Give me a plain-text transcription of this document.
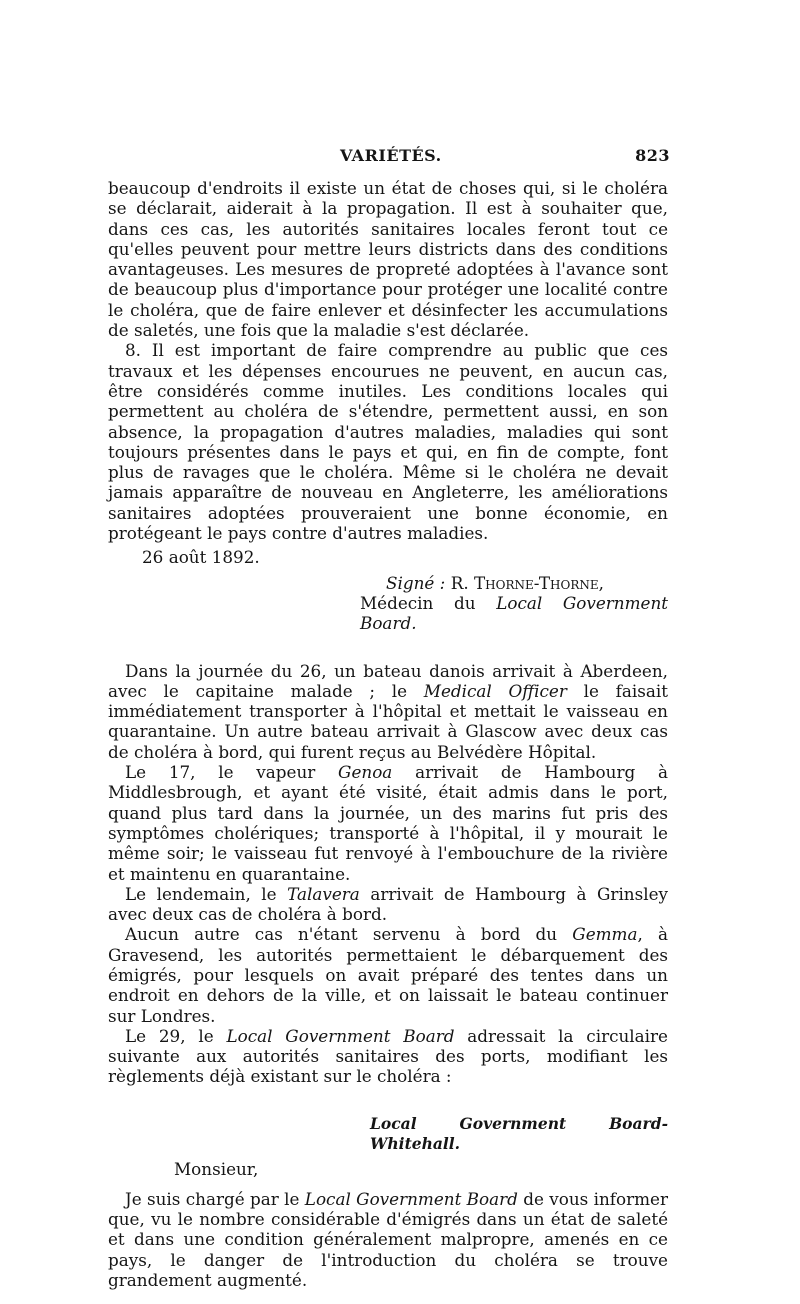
VARIÉTÉS.	823

beaucoup d'endroits il existe un état de choses qui, si le choléra se déclarait, aiderait à la propagation. Il est à souhaiter que, dans ces cas, les autorités sanitaires locales feront tout ce qu'elles peuvent pour mettre leurs districts dans des conditions avantageuses. Les mesures de propreté adoptées à l'avance sont de beaucoup plus d'importance pour protéger une localité contre le choléra, que de faire enlever et désinfecter les accumulations de saletés, une fois que la maladie s'est déclarée.

8. Il est important de faire comprendre au public que ces travaux et les dépenses encourues ne peuvent, en aucun cas, être considérés comme inutiles. Les conditions locales qui permettent au choléra de s'étendre, permettent aussi, en son absence, la propagation d'autres maladies, maladies qui sont toujours présentes dans le pays et qui, en fin de compte, font plus de ravages que le choléra. Même si le choléra ne devait jamais apparaître de nouveau en Angleterre, les améliorations sanitaires adoptées prouveraient une bonne économie, en protégeant le pays contre d'autres maladies.

26 août 1892.

Signé : R. Thorne-Thorne,

Médecin du Local Government Board.

Dans la journée du 26, un bateau danois arrivait à Aberdeen, avec le capitaine malade ; le Medical Officer le faisait immédiatement transporter à l'hôpital et mettait le vaisseau en quarantaine. Un autre bateau arrivait à Glascow avec deux cas de choléra à bord, qui furent reçus au Belvédère Hôpital.

Le 17, le vapeur Genoa arrivait de Hambourg à Middlesbrough, et ayant été visité, était admis dans le port, quand plus tard dans la journée, un des marins fut pris des symptômes cholériques; transporté à l'hôpital, il y mourait le même soir; le vaisseau fut renvoyé à l'embouchure de la rivière et maintenu en quarantaine.

Le lendemain, le Talavera arrivait de Hambourg à Grinsley avec deux cas de choléra à bord.

Aucun autre cas n'étant servenu à bord du Gemma, à Gravesend, les autorités permettaient le débarquement des émigrés, pour lesquels on avait préparé des tentes dans un endroit en dehors de la ville, et on laissait le bateau continuer sur Londres.

Le 29, le Local Government Board adressait la circulaire suivante aux autorités sanitaires des ports, modifiant les règlements déjà existant sur le choléra :

Local Government Board-Whitehall.

Monsieur,

Je suis chargé par le Local Government Board de vous informer que, vu le nombre considérable d'émigrés dans un état de saleté et dans une condition généralement malpropre, amenés en ce pays, le danger de l'introduction du choléra se trouve grandement augmenté.
